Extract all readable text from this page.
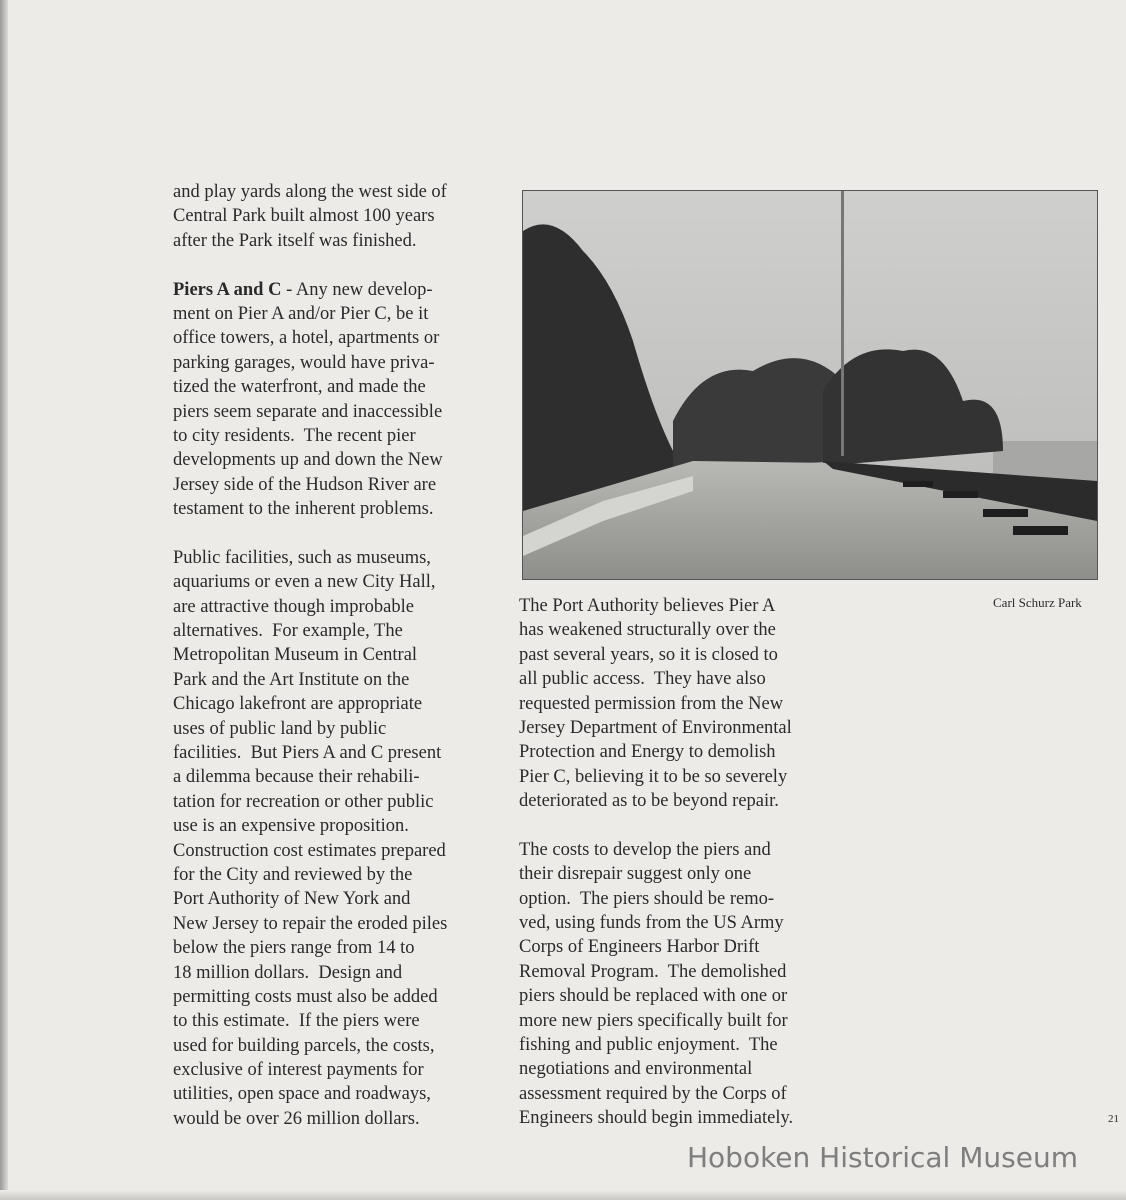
and play yards along the west side of
Central Park built almost 100 years
after the Park itself was finished.
Piers A and C - Any new develop-
ment on Pier A and/or Pier C, be it
office towers, a hotel, apartments or
parking garages, would have priva-
tized the waterfront, and made the
piers seem separate and inaccessible
to city residents.  The recent pier
developments up and down the New
Jersey side of the Hudson River are
testament to the inherent problems.
Public facilities, such as museums,
aquariums or even a new City Hall,
are attractive though improbable
alternatives.  For example, The
Metropolitan Museum in Central
Park and the Art Institute on the
Chicago lakefront are appropriate
uses of public land by public
facilities.  But Piers A and C present
a dilemma because their rehabili-
tation for recreation or other public
use is an expensive proposition.
Construction cost estimates prepared
for the City and reviewed by the
Port Authority of New York and
New Jersey to repair the eroded piles
below the piers range from 14 to
18 million dollars.  Design and
permitting costs must also be added
to this estimate.  If the piers were
used for building parcels, the costs,
exclusive of interest payments for
utilities, open space and roadways,
would be over 26 million dollars.
Carl Schurz Park
The Port Authority believes Pier A
has weakened structurally over the
past several years, so it is closed to
all public access.  They have also
requested permission from the New
Jersey Department of Environmental
Protection and Energy to demolish
Pier C, believing it to be so severely
deteriorated as to be beyond repair.
The costs to develop the piers and
their disrepair suggest only one
option.  The piers should be remo-
ved, using funds from the US Army
Corps of Engineers Harbor Drift
Removal Program.  The demolished
piers should be replaced with one or
more new piers specifically built for
fishing and public enjoyment.  The
negotiations and environmental
assessment required by the Corps of
Engineers should begin immediately.
Hoboken Historical Museum
21
